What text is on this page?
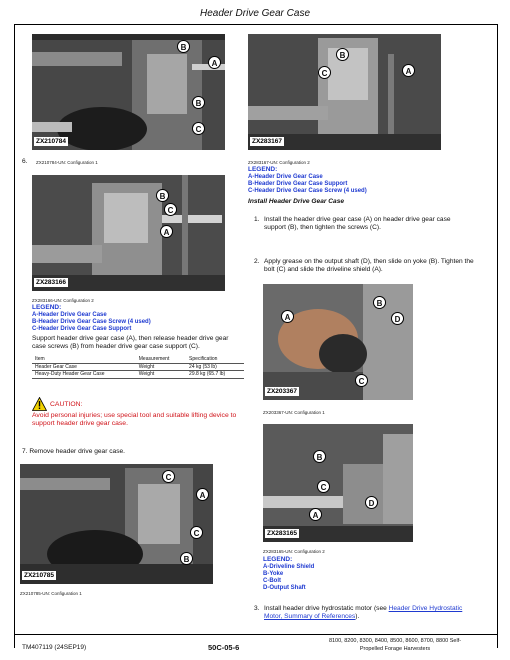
Header Drive Gear Case
ZX210784
B
A
B
C
6. ZX210784-UN: Configuration 1
ZX283166
B
C
A
ZX283166-UN: Configuration 2
LEGEND:
A-Header Drive Gear Case
B-Header Drive Gear Case Screw (4 used)
C-Header Drive Gear Case Support
Support header drive gear case (A), then release header drive gear case screws (B) from header drive gear case support (C).
Item	Measurement	Specification
Header Gear Case	Weight	24 kg (53 lb)
Heavy-Duty Header Gear Case	Weight	29.8 kg (65.7 lb)
CAUTION:
Avoid personal injuries; use special tool and suitable lifting device to support header drive gear case.
7. Remove header drive gear case.
ZX210785
C
A
C
B
ZX210785-UN: Configuration 1
ZX283167
B
C	A
ZX283167-UN: Configuration 2
LEGEND:
A-Header Drive Gear Case
B-Header Drive Gear Case Support
C-Header Drive Gear Case Screw (4 used)
Install Header Drive Gear Case
1. Install the header drive gear case (A) on header drive gear case support (B), then tighten the screws (C).
2. Apply grease on the output shaft (D), then slide on yoke (B). Tighten the bolt (C) and slide the driveline shield (A).
ZX203367
B
D
A
C
ZX203367-UN: Configuration 1
ZX283165
B
D
C
A
ZX283165-UN: Configuration 2
LEGEND:
A-Driveline Shield
B-Yoke
C-Bolt
D-Output Shaft
3. Install header drive hydrostatic motor (see Header Drive Hydrostatic Motor, Summary of References).
TM407119 (24SEP19)	50C-05-6
8100, 8200, 8300, 8400, 8500, 8600, 8700, 8800 Self-
Propelled Forage Harvesters
